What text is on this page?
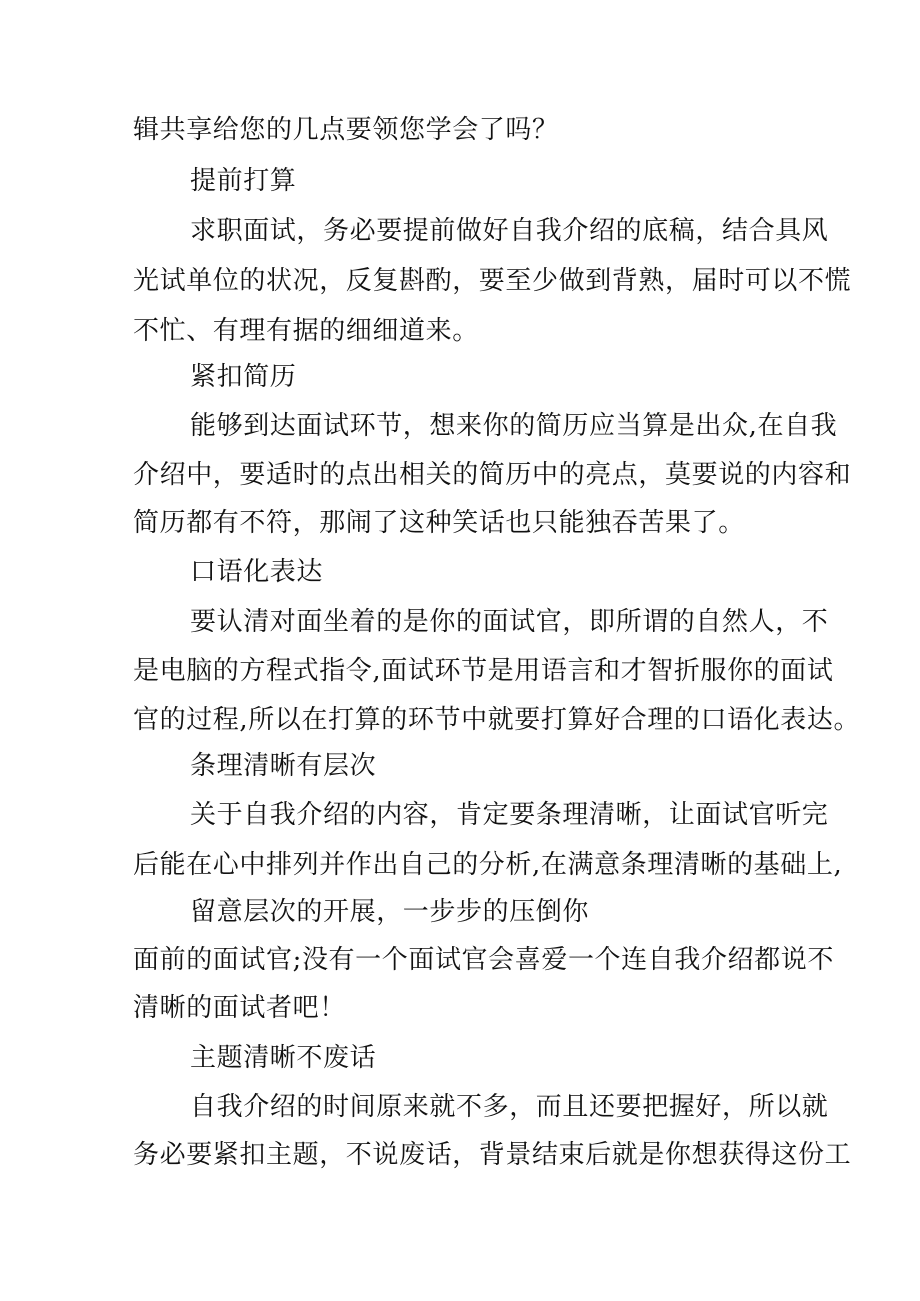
辑共享给您的几点要领您学会了吗？
提前打算
求职面试，务必要提前做好自我介绍的底稿，结合具风
光试单位的状况，反复斟酌，要至少做到背熟，届时可以不慌
不忙、有理有据的细细道来。
紧扣简历
能够到达面试环节，想来你的简历应当算是出众,在自我
介绍中，要适时的点出相关的简历中的亮点，莫要说的内容和
简历都有不符，那闹了这种笑话也只能独吞苦果了。
口语化表达
要认清对面坐着的是你的面试官，即所谓的自然人，不
是电脑的方程式指令,面试环节是用语言和才智折服你的面试
官的过程,所以在打算的环节中就要打算好合理的口语化表达。
条理清晰有层次
关于自我介绍的内容，肯定要条理清晰，让面试官听完
后能在心中排列并作出自己的分析,在满意条理清晰的基础上,
留意层次的开展，一步步的压倒你
面前的面试官;没有一个面试官会喜爱一个连自我介绍都说不
清晰的面试者吧！
主题清晰不废话
自我介绍的时间原来就不多，而且还要把握好，所以就
务必要紧扣主题，不说废话，背景结束后就是你想获得这份工
